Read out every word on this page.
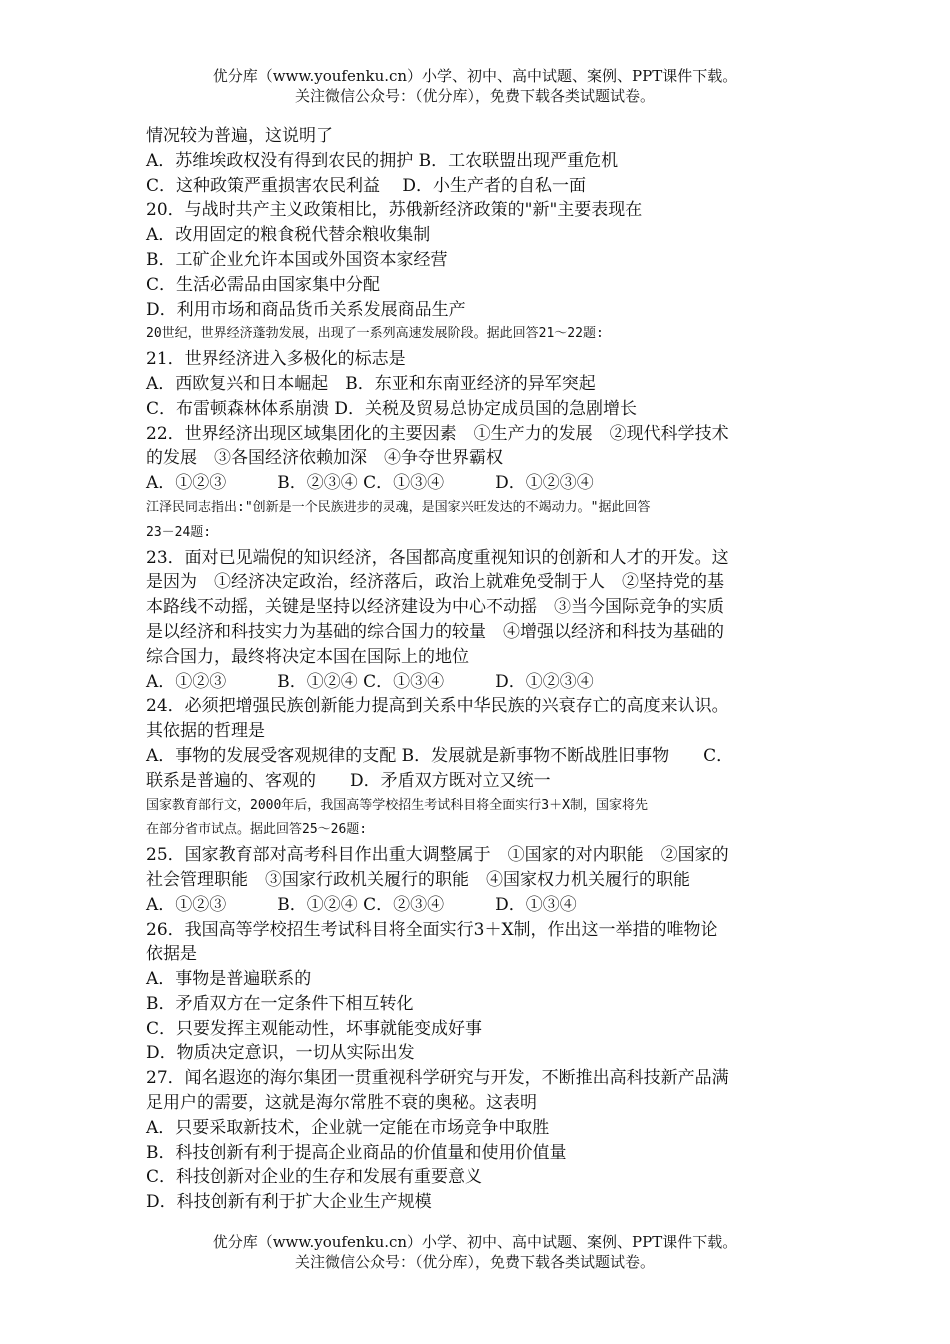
优分库（www.youfenku.cn）小学、初中、高中试题、案例、PPT课件下载。
关注微信公众号：（优分库），免费下载各类试题试卷。
情况较为普遍，这说明了
A．苏维埃政权没有得到农民的拥护 B．工农联盟出现严重危机
C．这种政策严重损害农民利益　 D．小生产者的自私一面
20．与战时共产主义政策相比，苏俄新经济政策的"新"主要表现在
A．改用固定的粮食税代替余粮收集制
B．工矿企业允许本国或外国资本家经营
C．生活必需品由国家集中分配
D．利用市场和商品货币关系发展商品生产
20世纪，世界经济蓬勃发展，出现了一系列高速发展阶段。据此回答21～22题:
21．世界经济进入多极化的标志是
A．西欧复兴和日本崛起　B．东亚和东南亚经济的异军突起
C．布雷顿森林体系崩溃 D．关税及贸易总协定成员国的急剧增长
22．世界经济出现区域集团化的主要因素　①生产力的发展　②现代科学技术
的发展　③各国经济依赖加深　④争夺世界霸权
A．①②③　　　B．②③④ C．①③④　　　D．①②③④
江泽民同志指出:"创新是一个民族进步的灵魂，是国家兴旺发达的不竭动力。"据此回答
23－24题:
23．面对已见端倪的知识经济，各国都高度重视知识的创新和人才的开发。这
是因为　①经济决定政治，经济落后，政治上就难免受制于人　②坚持党的基
本路线不动摇，关键是坚持以经济建设为中心不动摇　③当今国际竞争的实质
是以经济和科技实力为基础的综合国力的较量　④增强以经济和科技为基础的
综合国力，最终将决定本国在国际上的地位
A．①②③　　　B．①②④ C．①③④　　　D．①②③④
24．必须把增强民族创新能力提高到关系中华民族的兴衰存亡的高度来认识。
其依据的哲理是
A．事物的发展受客观规律的支配 B．发展就是新事物不断战胜旧事物　　C．
联系是普遍的、客观的　　D．矛盾双方既对立又统一
国家教育部行文，2000年后，我国高等学校招生考试科目将全面实行3＋X制，国家将先
在部分省市试点。据此回答25～26题:
25．国家教育部对高考科目作出重大调整属于　①国家的对内职能　②国家的
社会管理职能　③国家行政机关履行的职能　④国家权力机关履行的职能
A．①②③　　　B．①②④ C．②③④　　　D．①③④
26．我国高等学校招生考试科目将全面实行3＋X制，作出这一举措的唯物论
依据是
A．事物是普遍联系的
B．矛盾双方在一定条件下相互转化
C．只要发挥主观能动性，坏事就能变成好事
D．物质决定意识，一切从实际出发
27．闻名遐迩的海尔集团一贯重视科学研究与开发，不断推出高科技新产品满
足用户的需要，这就是海尔常胜不衰的奥秘。这表明
A．只要采取新技术，企业就一定能在市场竞争中取胜
B．科技创新有利于提高企业商品的价值量和使用价值量
C．科技创新对企业的生存和发展有重要意义
D．科技创新有利于扩大企业生产规模
优分库（www.youfenku.cn）小学、初中、高中试题、案例、PPT课件下载。
关注微信公众号：（优分库），免费下载各类试题试卷。
